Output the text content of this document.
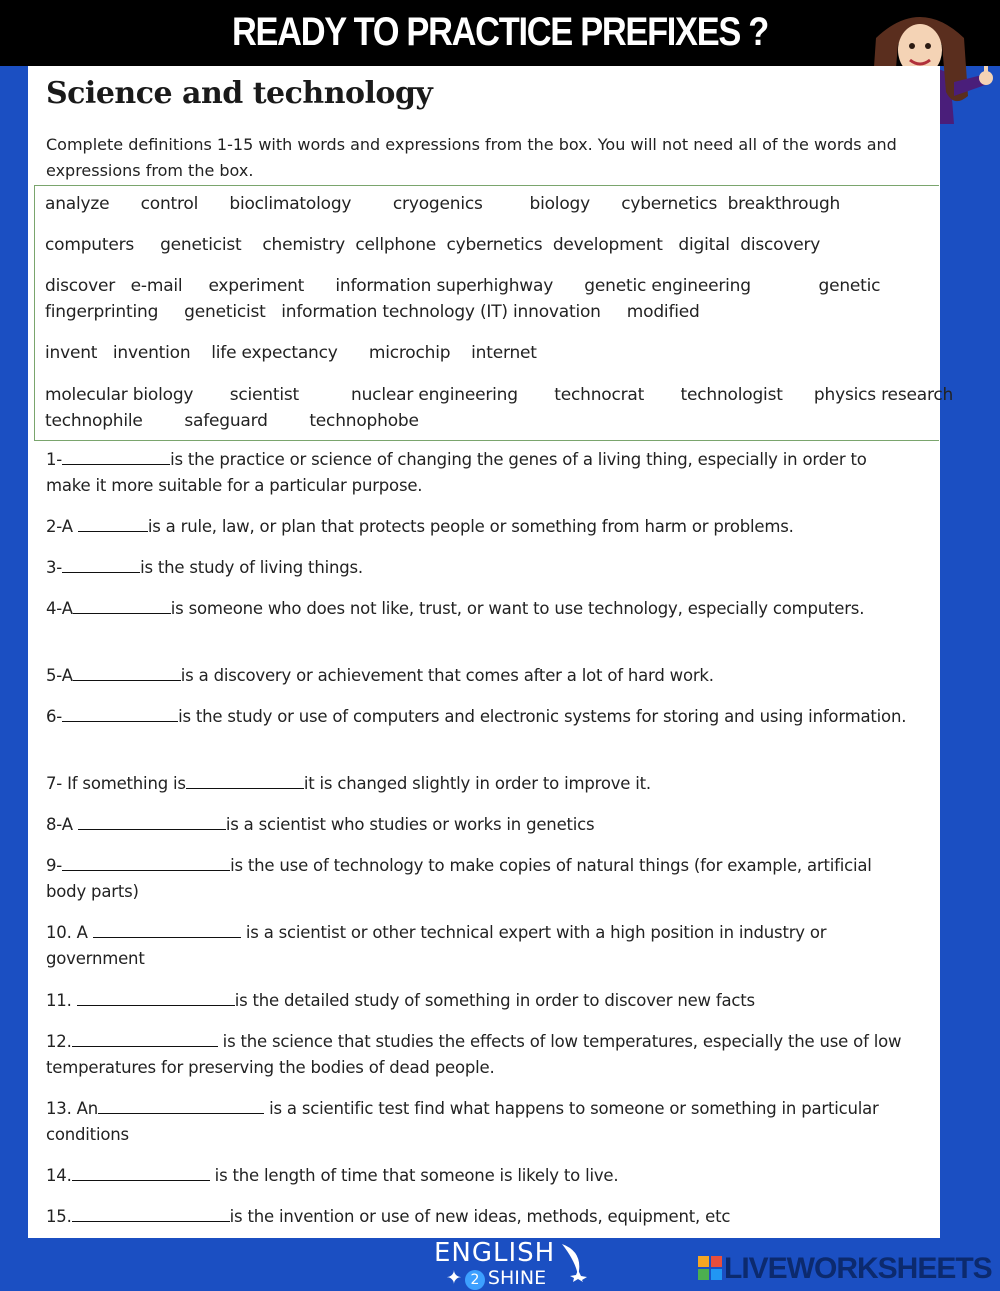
READY TO PRACTICE PREFIXES ?
Science and technology
Complete definitions 1-15 with words and expressions from the box. You will not need all of the words and expressions from the box.
analyze      control      bioclimatology        cryogenics         biology      cybernetics  breakthrough
computers     geneticist    chemistry  cellphone  cybernetics  development   digital  discovery
discover   e-mail     experiment      information superhighway      genetic engineering             genetic
fingerprinting     geneticist   information technology (IT) innovation     modified
invent   invention    life expectancy      microchip    internet
molecular biology       scientist          nuclear engineering       technocrat       technologist      physics research
technophile        safeguard        technophobe
1-	is the practice or science of changing the genes of a living thing, especially in order to make it more suitable for a particular purpose.
2-A	is a rule, law, or plan that protects people or something from harm or problems.
3-	is the study of living things.
4-A	is someone who does not like, trust, or want to use technology, especially computers.
5-A	is a discovery or achievement that comes after a lot of hard work.
6-	is the study or use of computers and electronic systems for storing and using information.
7- If something is	it is changed slightly in order to improve it.
8-A	is a scientist who studies or works in genetics
9-	is the use of technology to make copies of natural things (for example, artificial body parts)
10. A	is a scientist or other technical expert with a high position in industry or government
11.	is the detailed study of something in order to discover new facts
12.	is the science that studies the effects of low temperatures, especially the use of low temperatures for preserving the bodies of dead people.
13. An	is a scientific test find what happens to someone or something in particular conditions
14.	is the length of time that someone is likely to live.
15.	is the invention or use of new ideas, methods, equipment, etc
ENGLISH
✦ 2 SHINE	LIVEWORKSHEETS
